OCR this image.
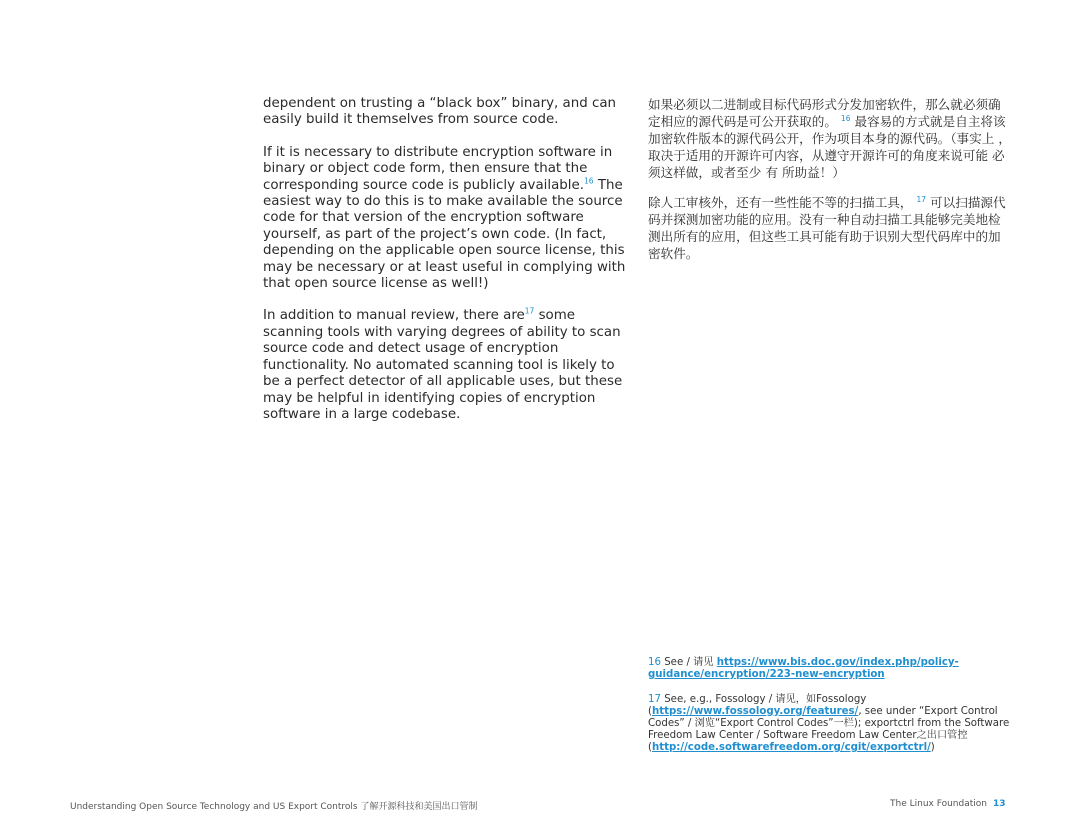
dependent on trusting a “black box” binary, and can easily build it themselves from source code.

If it is necessary to distribute encryption software in binary or object code form, then ensure that the corresponding source code is publicly available.$^{16}$ The easiest way to do this is to make available the source code for that version of the encryption software yourself, as part of the project’s own code. (In fact, depending on the applicable open source license, this may be necessary or at least useful in complying with that open source license as well!)

In addition to manual review, there are$^{17}$ some scanning tools with varying degrees of ability to scan source code and detect usage of encryption functionality. No automated scanning tool is likely to be a perfect detector of all applicable uses, but these may be helpful in identifying copies of encryption software in a large codebase.

如果必须以二进制或目标代码形式分发加密软件，那么就必须确定相应的源代码是可公开获取的。 $^{16}$ 最容易的方式就是自主将该加密软件版本的源代码公开，作为项目本身的源代码。（事实上 ， 取决于适用的开源许可内容，从遵守开源许可的角度来说可能 必 须这样做，或者至少 有 所助益！）

除人工审核外，还有一些性能不等的扫描工具， $^{17}$ 可以扫描源代码并探测加密功能的应用。没有一种自动扫描工具能够完美地检测出所有的应用，但这些工具可能有助于识别大型代码库中的加密软件。

16 See / 请见 https://www.bis.doc.gov/index.php/policy-guidance/encryption/223-new-encryption
17 See, e.g., Fossology / 请见，如Fossology (https://www.fossology.org/features/, see under “Export Control Codes” / 浏览“Export Control Codes”一栏); exportctrl from the Software Freedom Law Center / Software Freedom Law Center之出口管控 (http://code.softwarefreedom.org/cgit/exportctrl/)
Understanding Open Source Technology and US Export Controls 了解开源科技和美国出口管制	The Linux Foundation 13
